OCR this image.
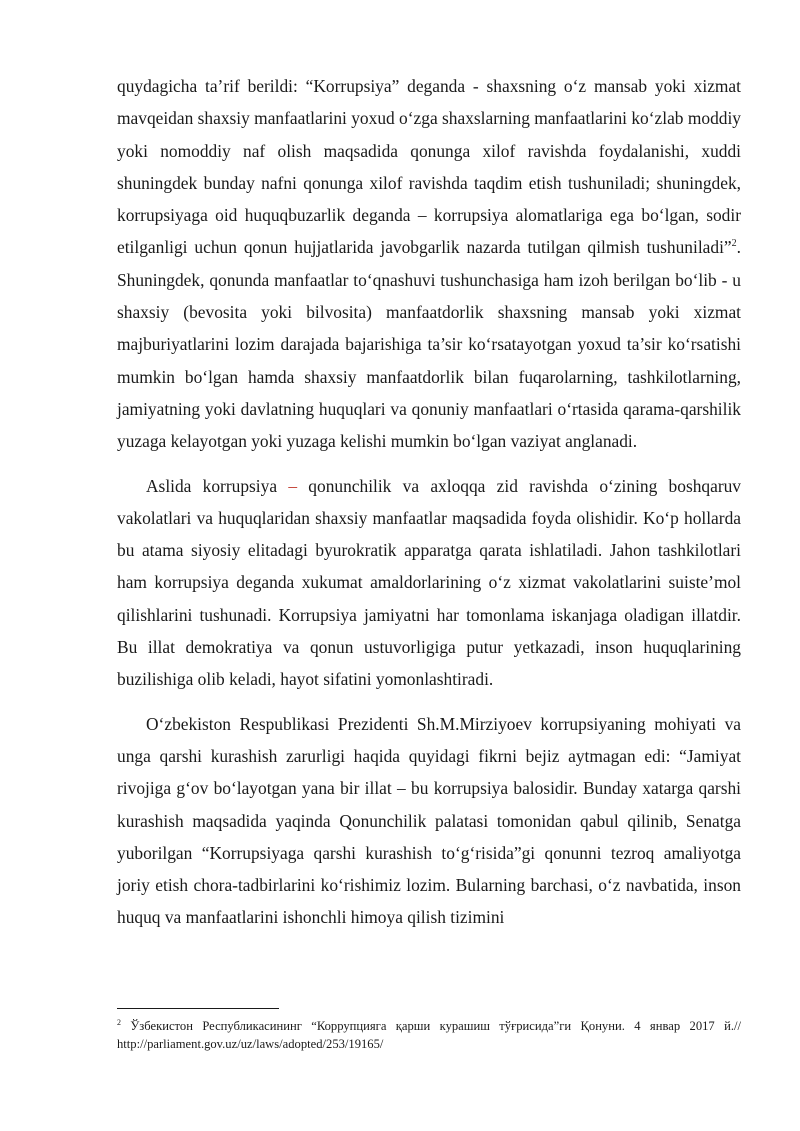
quydagicha ta’rif berildi: “Korrupsiya” deganda - shaxsning o‘z mansab yoki xizmat mavqeidan shaxsiy manfaatlarini yoxud o‘zga shaxslarning manfaatlarini ko‘zlab moddiy yoki nomoddiy naf olish maqsadida qonunga xilof ravishda foydalanishi, xuddi shuningdek bunday nafni qonunga xilof ravishda taqdim etish tushuniladi; shuningdek, korrupsiyaga oid huquqbuzarlik deganda – korrupsiya alomatlariga ega bo‘lgan, sodir etilganligi uchun qonun hujjatlarida javobgarlik nazarda tutilgan qilmish tushuniladi”$^2$. Shuningdek, qonunda manfaatlar to‘qnashuvi tushunchasiga ham izoh berilgan bo‘lib - u shaxsiy (bevosita yoki bilvosita) manfaatdorlik shaxsning mansab yoki xizmat majburiyatlarini lozim darajada bajarishiga ta’sir ko‘rsatayotgan yoxud ta’sir ko‘rsatishi mumkin bo‘lgan hamda shaxsiy manfaatdorlik bilan fuqarolarning, tashkilotlarning, jamiyatning yoki davlatning huquqlari va qonuniy manfaatlari o‘rtasida qarama-qarshilik yuzaga kelayotgan yoki yuzaga kelishi mumkin bo‘lgan vaziyat anglanadi.

Aslida korrupsiya – qonunchilik va axloqqa zid ravishda o‘zining boshqaruv vakolatlari va huquqlaridan shaxsiy manfaatlar maqsadida foyda olishidir. Ko‘p hollarda bu atama siyosiy elitadagi byurokratik apparatga qarata ishlatiladi. Jahon tashkilotlari ham korrupsiya deganda xukumat amaldorlarining o‘z xizmat vakolatlarini suiste’mol qilishlarini tushunadi. Korrupsiya jamiyatni har tomonlama iskanjaga oladigan illatdir. Bu illat demokratiya va qonun ustuvorligiga putur yetkazadi, inson huquqlarining buzilishiga olib keladi, hayot sifatini yomonlashtiradi.

O‘zbekiston Respublikasi Prezidenti Sh.M.Mirziyoev korrupsiyaning mohiyati va unga qarshi kurashish zarurligi haqida quyidagi fikrni bejiz aytmagan edi: “Jamiyat rivojiga g‘ov bo‘layotgan yana bir illat – bu korrupsiya balosidir. Bunday xatarga qarshi kurashish maqsadida yaqinda Qonunchilik palatasi tomonidan qabul qilinib, Senatga yuborilgan “Korrupsiyaga qarshi kurashish to‘g‘risida”gi qonunni tezroq amaliyotga joriy etish chora-tadbirlarini ko‘rishimiz lozim. Bularning barchasi, o‘z navbatida, inson huquq va manfaatlarini ishonchli himoya qilish tizimini

$^2$ Ўзбекистон Республикасининг “Коррупцияга қарши курашиш тўғрисида”ги Қонуни. 4 январ 2017 й.// http://parliament.gov.uz/uz/laws/adopted/253/19165/
